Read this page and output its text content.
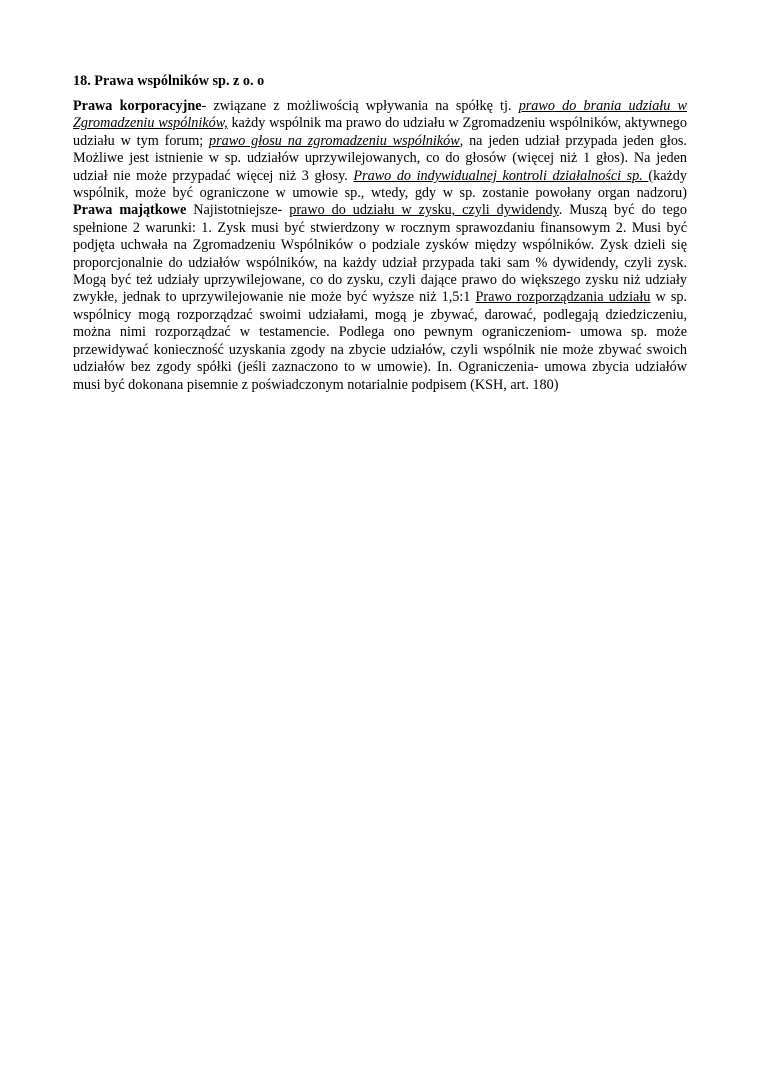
18. Prawa wspólników sp. z o. o

Prawa korporacyjne- związane z możliwością wpływania na spółkę tj. prawo do brania udziału w Zgromadzeniu wspólników, każdy wspólnik ma prawo do udziału w Zgromadzeniu wspólników, aktywnego udziału w tym forum; prawo głosu na zgromadzeniu wspólników, na jeden udział przypada jeden głos. Możliwe jest istnienie w sp. udziałów uprzywilejowanych, co do głosów (więcej niż 1 głos). Na jeden udział nie może przypadać więcej niż 3 głosy. Prawo do indywidualnej kontroli działalności sp. (każdy wspólnik, może być ograniczone w umowie sp., wtedy, gdy w sp. zostanie powołany organ nadzoru) Prawa majątkowe Najistotniejsze- prawo do udziału w zysku, czyli dywidendy. Muszą być do tego spełnione 2 warunki: 1. Zysk musi być stwierdzony w rocznym sprawozdaniu finansowym 2. Musi być podjęta uchwała na Zgromadzeniu Wspólników o podziale zysków między wspólników. Zysk dzieli się proporcjonalnie do udziałów wspólników, na każdy udział przypada taki sam % dywidendy, czyli zysk. Mogą być też udziały uprzywilejowane, co do zysku, czyli dające prawo do większego zysku niż udziały zwykłe, jednak to uprzywilejowanie nie może być wyższe niż 1,5:1 Prawo rozporządzania udziału w sp. wspólnicy mogą rozporządzać swoimi udziałami, mogą je zbywać, darować, podlegają dziedziczeniu, można nimi rozporządzać w testamencie. Podlega ono pewnym ograniczeniom- umowa sp. może przewidywać konieczność uzyskania zgody na zbycie udziałów, czyli wspólnik nie może zbywać swoich udziałów bez zgody spółki (jeśli zaznaczono to w umowie). In. Ograniczenia- umowa zbycia udziałów musi być dokonana pisemnie z poświadczonym notarialnie podpisem (KSH, art. 180)
